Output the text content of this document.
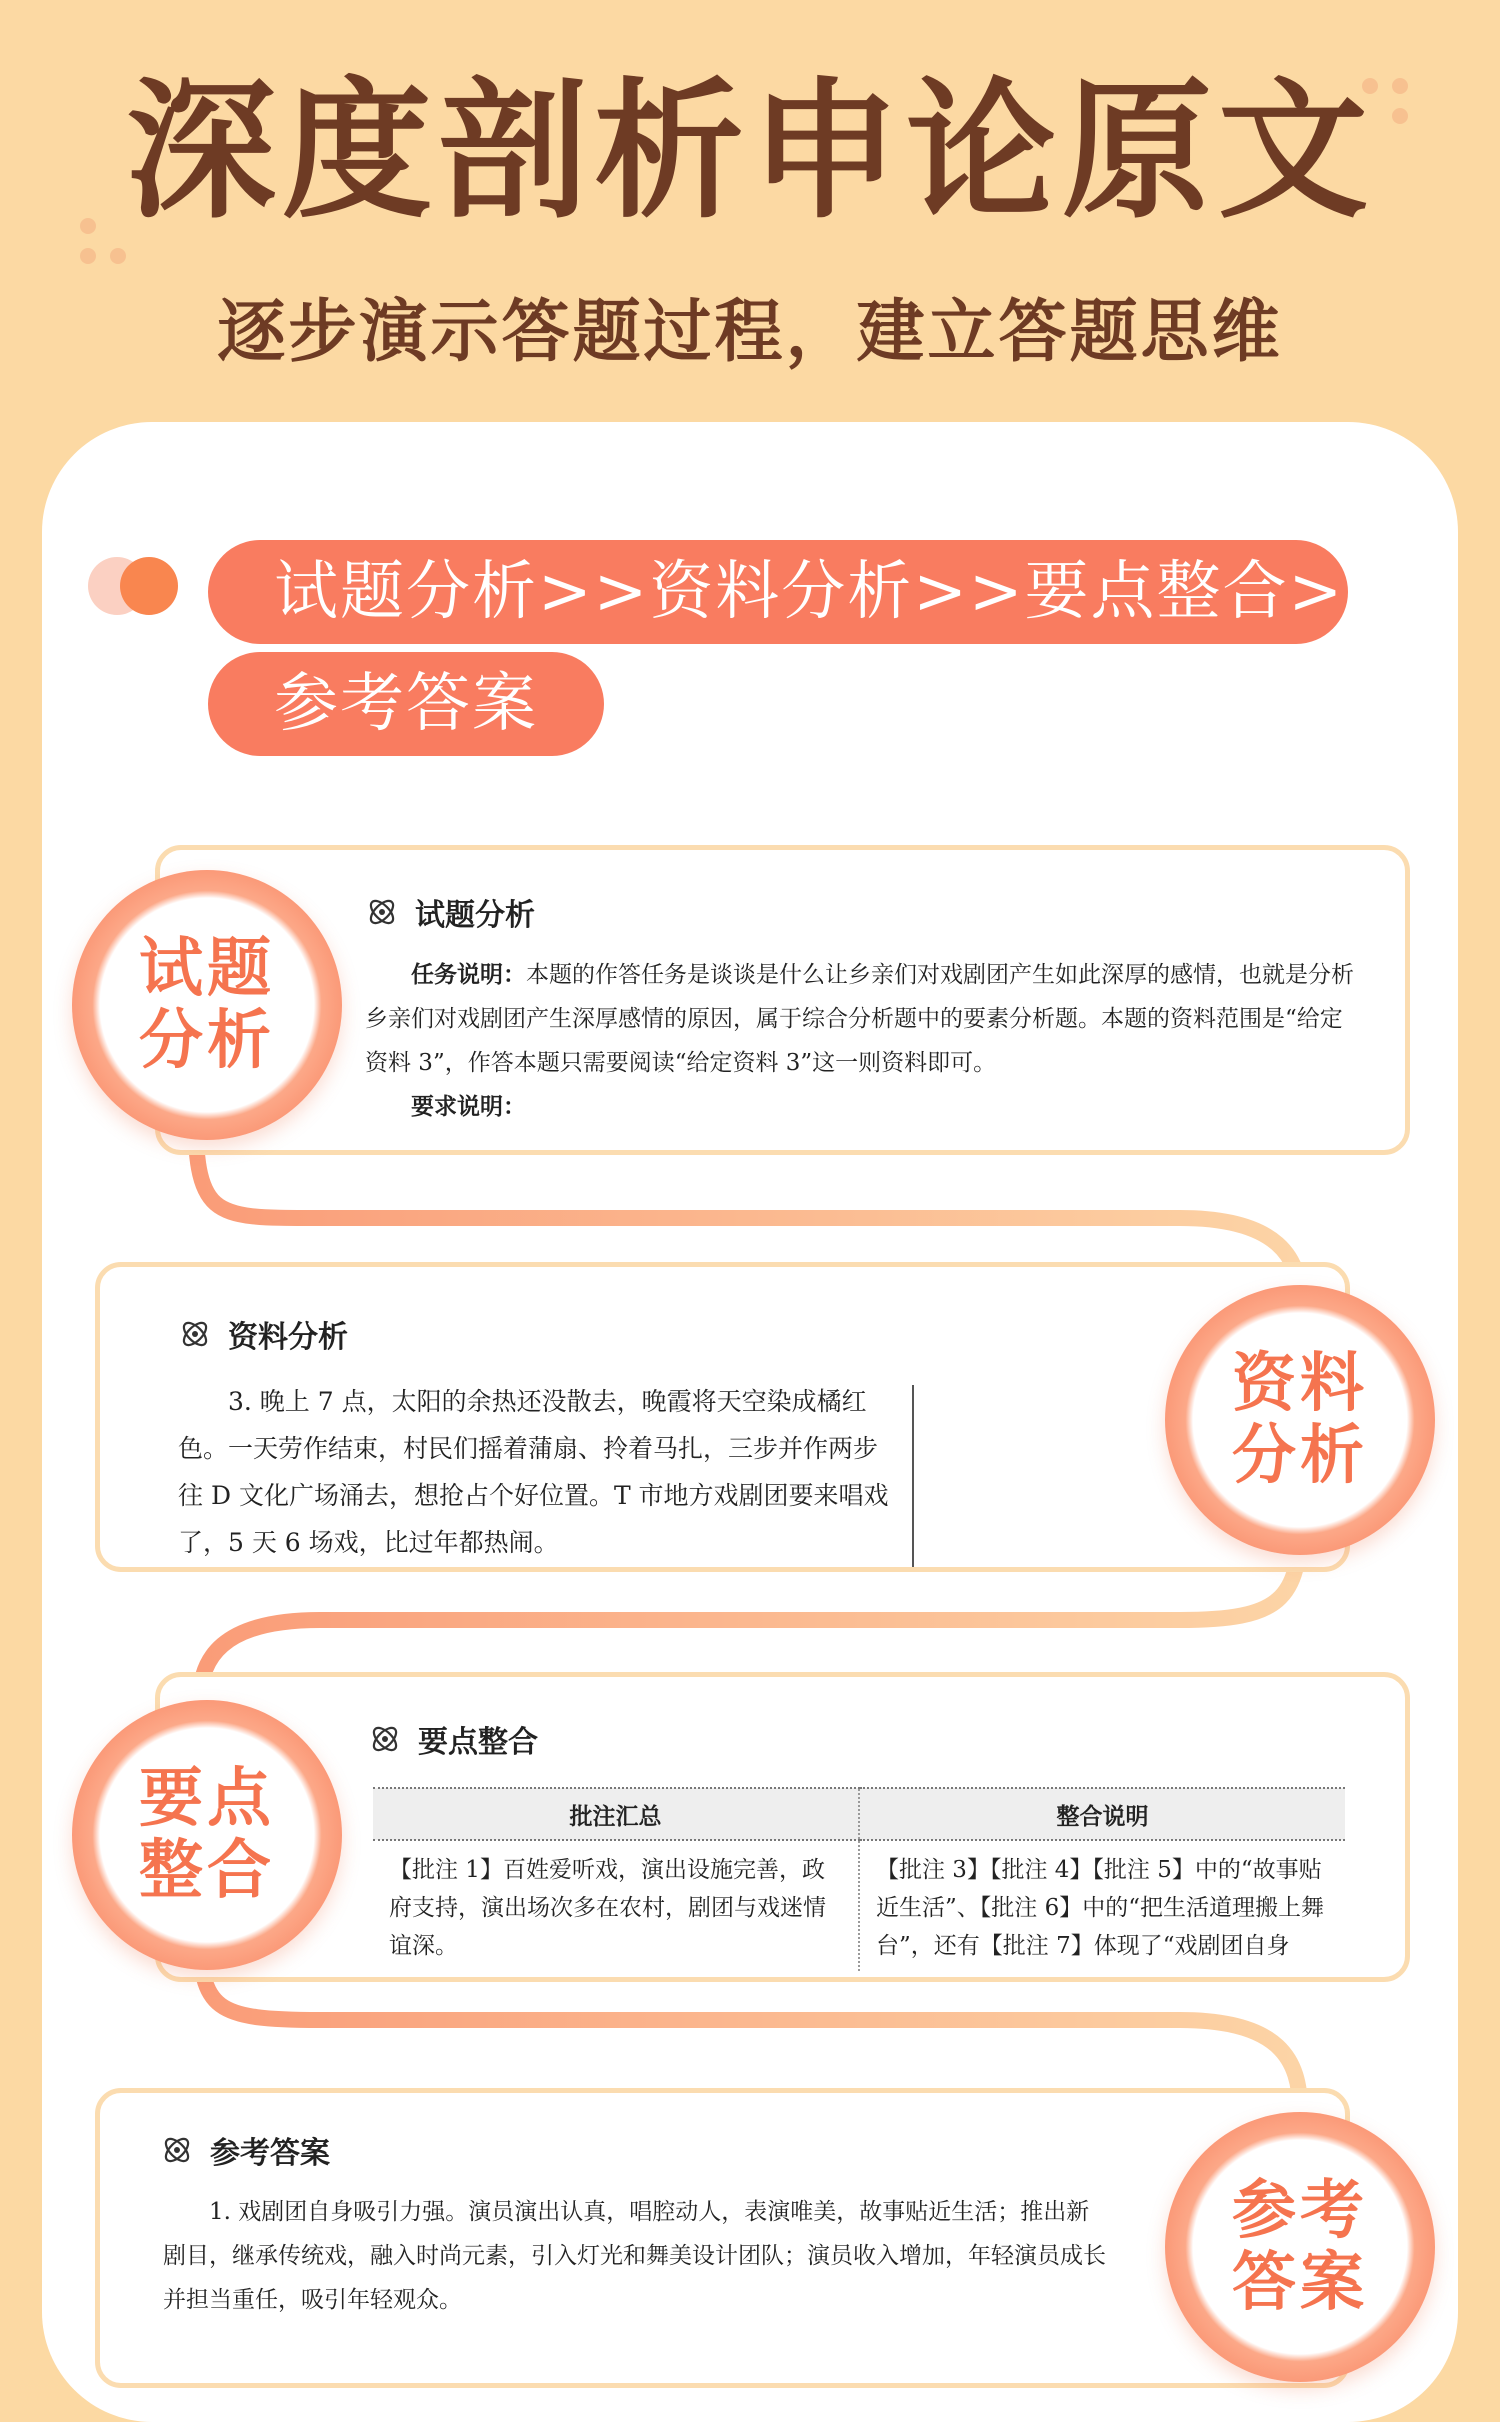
深度剖析申论原文
逐步演示答题过程，建立答题思维
试题分析>>资料分析>>要点整合>>
参考答案
试题分析
试题分析
任务说明：本题的作答任务是谈谈是什么让乡亲们对戏剧团产生如此深厚的感情，也就是分析乡亲们对戏剧团产生深厚感情的原因，属于综合分析题中的要素分析题。本题的资料范围是“给定资料 3”，作答本题只需要阅读“给定资料 3”这一则资料即可。
要求说明：
资料分析
资料分析
3. 晚上 7 点，太阳的余热还没散去，晚霞将天空染成橘红色。一天劳作结束，村民们摇着蒲扇、拎着马扎，三步并作两步往 D 文化广场涌去，想抢占个好位置。T 市地方戏剧团要来唱戏了，5 天 6 场戏，比过年都热闹。
要点整合
要点整合
批注汇总	整合说明
【批注 1】百姓爱听戏，演出设施完善，政府支持，演出场次多在农村，剧团与戏迷情谊深。	【批注 3】【批注 4】【批注 5】中的“故事贴近生活”、【批注 6】中的“把生活道理搬上舞台”，还有【批注 7】体现了“戏剧团自身
参考答案
参考答案
1. 戏剧团自身吸引力强。演员演出认真，唱腔动人，表演唯美，故事贴近生活；推出新剧目，继承传统戏，融入时尚元素，引入灯光和舞美设计团队；演员收入增加，年轻演员成长并担当重任，吸引年轻观众。
